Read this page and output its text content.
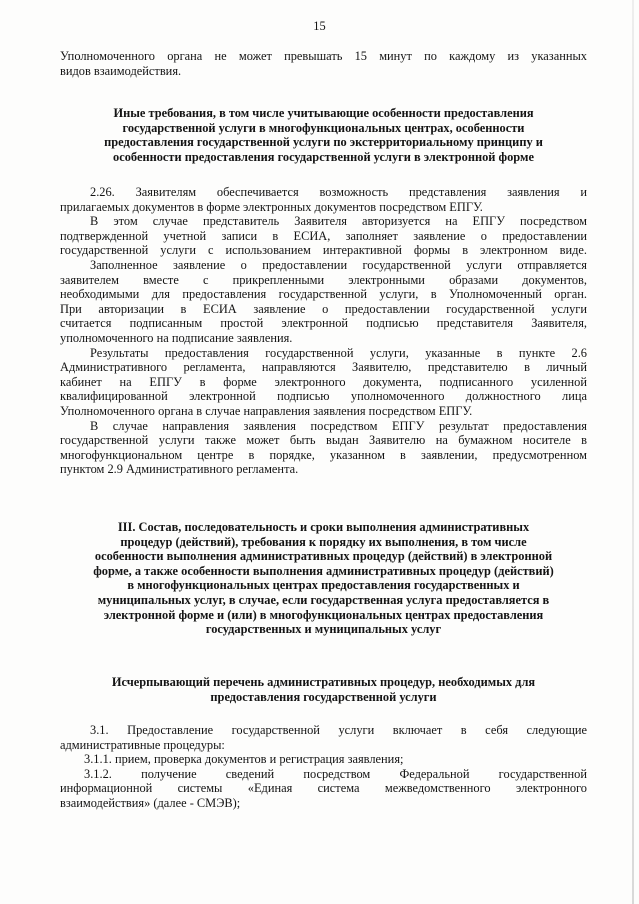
15
Уполномоченного органа не может превышать 15 минут по каждому из указанных
видов взаимодействия.
Иные требования, в том числе учитывающие особенности предоставления
государственной услуги в многофункциональных центрах, особенности
предоставления государственной услуги по экстерриториальному принципу и
особенности предоставления государственной услуги в электронной форме
2.26. Заявителям обеспечивается возможность представления заявления и
прилагаемых документов в форме электронных документов посредством ЕПГУ.
В этом случае представитель Заявителя авторизуется на ЕПГУ посредством
подтвержденной учетной записи в ЕСИА, заполняет заявление о предоставлении
государственной услуги с использованием интерактивной формы в электронном виде.
Заполненное заявление о предоставлении государственной услуги отправляется
заявителем вместе с прикрепленными электронными образами документов,
необходимыми для предоставления государственной услуги, в Уполномоченный орган.
При авторизации в ЕСИА заявление о предоставлении государственной услуги
считается подписанным простой электронной подписью представителя Заявителя,
уполномоченного на подписание заявления.
Результаты предоставления государственной услуги, указанные в пункте 2.6
Административного регламента, направляются Заявителю, представителю в личный
кабинет на ЕПГУ в форме электронного документа, подписанного усиленной
квалифицированной электронной подписью уполномоченного должностного лица
Уполномоченного органа в случае направления заявления посредством ЕПГУ.
В случае направления заявления посредством ЕПГУ результат предоставления
государственной услуги также может быть выдан Заявителю на бумажном носителе в
многофункциональном центре в порядке, указанном в заявлении, предусмотренном
пунктом 2.9 Административного регламента.
III. Состав, последовательность и сроки выполнения административных
процедур (действий), требования к порядку их выполнения, в том числе
особенности выполнения административных процедур (действий) в электронной
форме, а также особенности выполнения административных процедур (действий)
в многофункциональных центрах предоставления государственных и
муниципальных услуг, в случае, если государственная услуга предоставляется в
электронной форме и (или) в многофункциональных центрах предоставления
государственных и муниципальных услуг
Исчерпывающий перечень административных процедур, необходимых для
предоставления государственной услуги
3.1. Предоставление государственной услуги включает в себя следующие
административные процедуры:
3.1.1. прием, проверка документов и регистрация заявления;
3.1.2. получение сведений посредством Федеральной государственной
информационной системы «Единая система межведомственного электронного
взаимодействия» (далее - СМЭВ);
